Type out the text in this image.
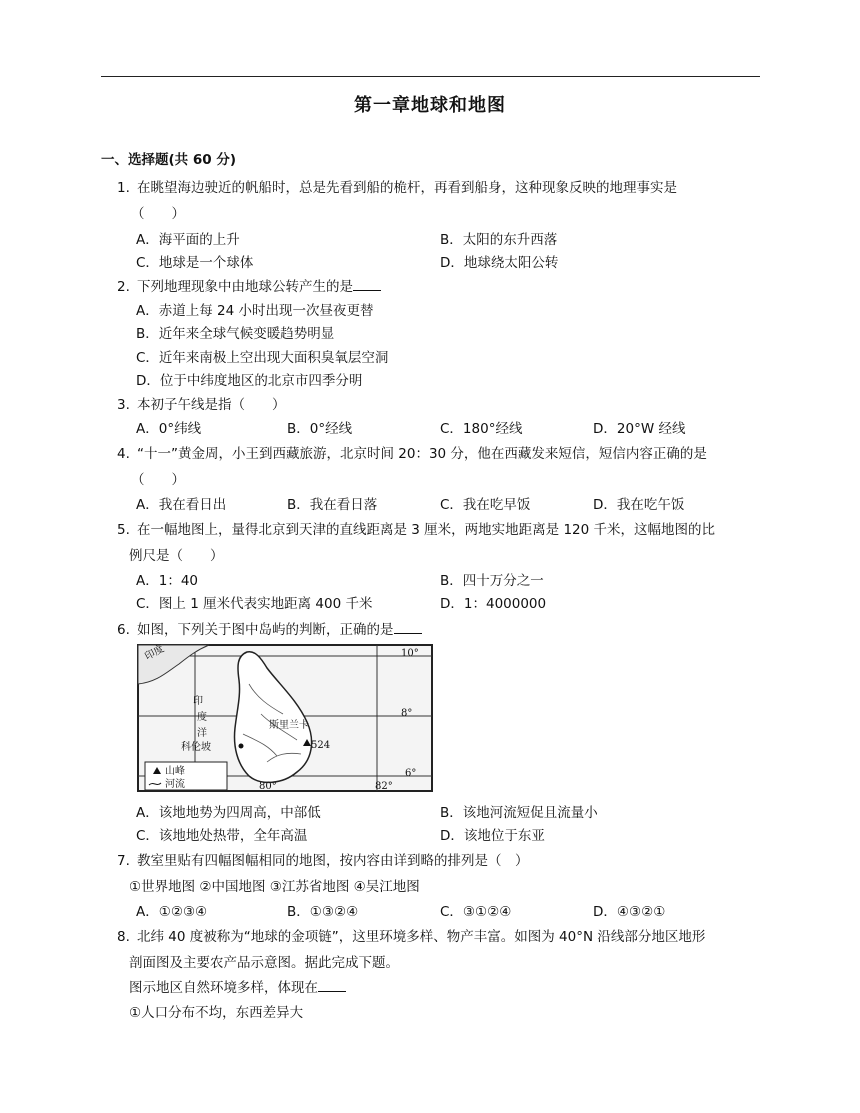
第一章地球和地图
一、选择题(共 60 分)
1. 在眺望海边驶近的帆船时，总是先看到船的桅杆，再看到船身，这种现象反映的地理事实是
（　　）
A．海平面的上升	B．太阳的东升西落
C．地球是一个球体	D．地球绕太阳公转
2. 下列地理现象中由地球公转产生的是
A．赤道上每 24 小时出现一次昼夜更替
B．近年来全球气候变暖趋势明显
C．近年来南极上空出现大面积臭氧层空洞
D．位于中纬度地区的北京市四季分明
3. 本初子午线是指（　　）
A．0°纬线	B．0°经线	C．180°经线	D．20°W 经线
4. “十一”黄金周，小王到西藏旅游，北京时间 20：30 分，他在西藏发来短信，短信内容正确的是
（　　）
A．我在看日出	B．我在看日落	C．我在吃早饭	D．我在吃午饭
5. 在一幅地图上，量得北京到天津的直线距离是 3 厘米，两地实地距离是 120 千米，这幅地图的比
例尺是（　　）
A．1：40	B．四十万分之一
C．图上 1 厘米代表实地距离 400 千米	D．1：4000000
6. 如图，下列关于图中岛屿的判断，正确的是
印度
印
度
洋
科伦坡
斯里兰卡
524
10°
8°
6°
80°	82°
山峰
河流
A．该地地势为四周高，中部低	B．该地河流短促且流量小
C．该地地处热带，全年高温	D．该地位于东亚
7. 教室里贴有四幅图幅相同的地图，按内容由详到略的排列是（　）
①世界地图 ②中国地图 ③江苏省地图 ④吴江地图
A．①②③④	B．①③②④	C．③①②④	D．④③②①
8. 北纬 40 度被称为“地球的金项链”，这里环境多样、物产丰富。如图为 40°N 沿线部分地区地形
剖面图及主要农产品示意图。据此完成下题。
图示地区自然环境多样，体现在
①人口分布不均，东西差异大
